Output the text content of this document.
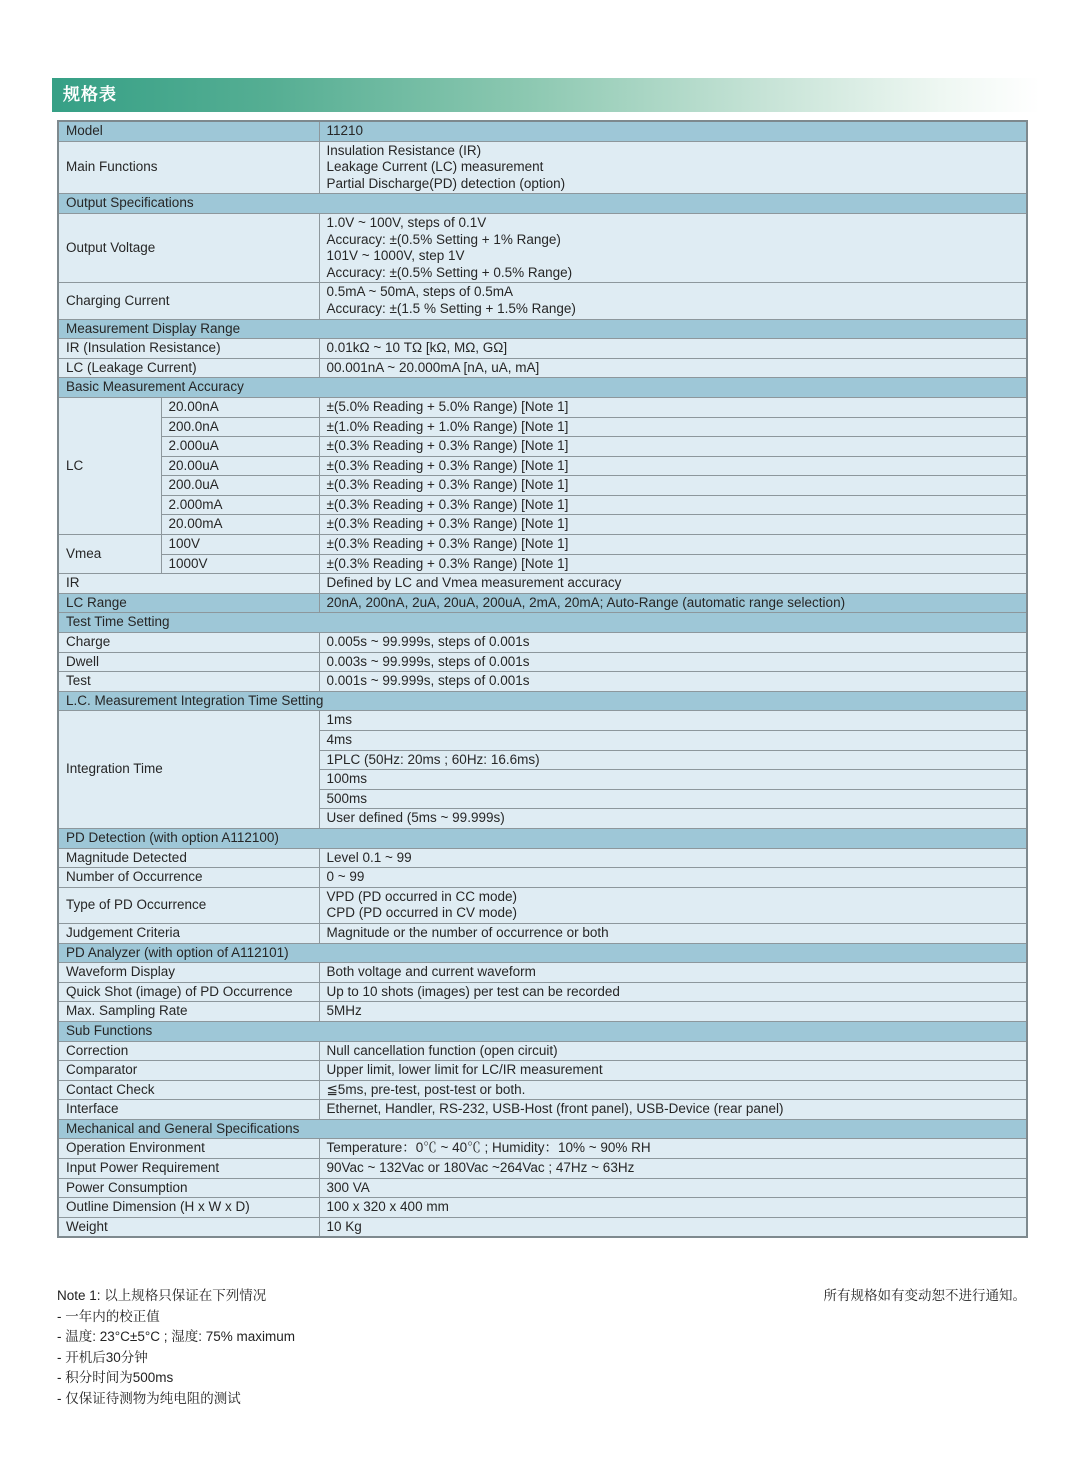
规格表
Model		11210
Main Functions		Insulation Resistance (IR)
Leakage Current (LC) measurement
Partial Discharge(PD) detection (option)

Output Specifications		
Output Voltage		1.0V ~ 100V, steps of 0.1V
Accuracy: ±(0.5% Setting + 1% Range)
101V ~ 1000V, step 1V
Accuracy: ±(0.5% Setting + 0.5% Range)

Charging Current		0.5mA ~ 50mA, steps of 0.5mA
Accuracy: ±(1.5 % Setting + 1.5% Range)

Measurement Display Range		
IR (Insulation Resistance)		0.01kΩ ~ 10 TΩ [kΩ, MΩ, GΩ]
LC (Leakage Current)		00.001nA ~ 20.000mA [nA, uA, mA]
Basic Measurement Accuracy		
LC	20.00nA	±(5.0% Reading + 5.0% Range) [Note 1]
	200.0nA	±(1.0% Reading + 1.0% Range) [Note 1]
	2.000uA	±(0.3% Reading + 0.3% Range) [Note 1]
	20.00uA	±(0.3% Reading + 0.3% Range) [Note 1]
	200.0uA	±(0.3% Reading + 0.3% Range) [Note 1]
	2.000mA	±(0.3% Reading + 0.3% Range) [Note 1]
	20.00mA	±(0.3% Reading + 0.3% Range) [Note 1]
Vmea	100V	±(0.3% Reading + 0.3% Range) [Note 1]
	1000V	±(0.3% Reading + 0.3% Range) [Note 1]
IR		Defined by LC and Vmea measurement accuracy
LC Range		20nA, 200nA, 2uA, 20uA, 200uA, 2mA, 20mA; Auto-Range (automatic range selection)
Test Time Setting		
Charge		0.005s ~ 99.999s, steps of 0.001s
Dwell		0.003s ~ 99.999s, steps of 0.001s
Test		0.001s ~ 99.999s, steps of 0.001s
L.C. Measurement Integration Time Setting		
Integration Time		1ms
		4ms
		1PLC (50Hz: 20ms ; 60Hz: 16.6ms)
		100ms
		500ms
		User defined (5ms ~ 99.999s)
PD Detection (with option A112100)		
Magnitude Detected		Level 0.1 ~ 99
Number of Occurrence		0 ~ 99
Type of PD Occurrence		VPD (PD occurred in CC mode)
CPD (PD occurred in CV mode)

Judgement Criteria		Magnitude or the number of occurrence or both
PD Analyzer (with option of A112101)		
Waveform Display		Both voltage and current waveform
Quick Shot (image) of PD Occurrence		Up to 10 shots (images) per test can be recorded
Max. Sampling Rate		5MHz
Sub Functions		
Correction		Null cancellation function (open circuit)
Comparator		Upper limit, lower limit for LC/IR measurement
Contact Check		≦5ms, pre-test, post-test or both.
Interface		Ethernet, Handler, RS-232, USB-Host (front panel), USB-Device (rear panel)
Mechanical and General Specifications		
Operation Environment		Temperature：0℃ ~ 40℃ ; Humidity：10% ~ 90% RH
Input Power Requirement		90Vac ~ 132Vac or 180Vac ~264Vac ; 47Hz ~ 63Hz
Power Consumption		300 VA
Outline Dimension (H x W x D)		100 x 320 x 400 mm
Weight		10 Kg
Note 1: 以上规格只保证在下列情况	所有规格如有变动恕不进行通知。
- 一年内的校正值
- 温度: 23°C±5°C ; 湿度: 75% maximum
- 开机后30分钟
- 积分时间为500ms
- 仅保证待测物为纯电阻的测试
